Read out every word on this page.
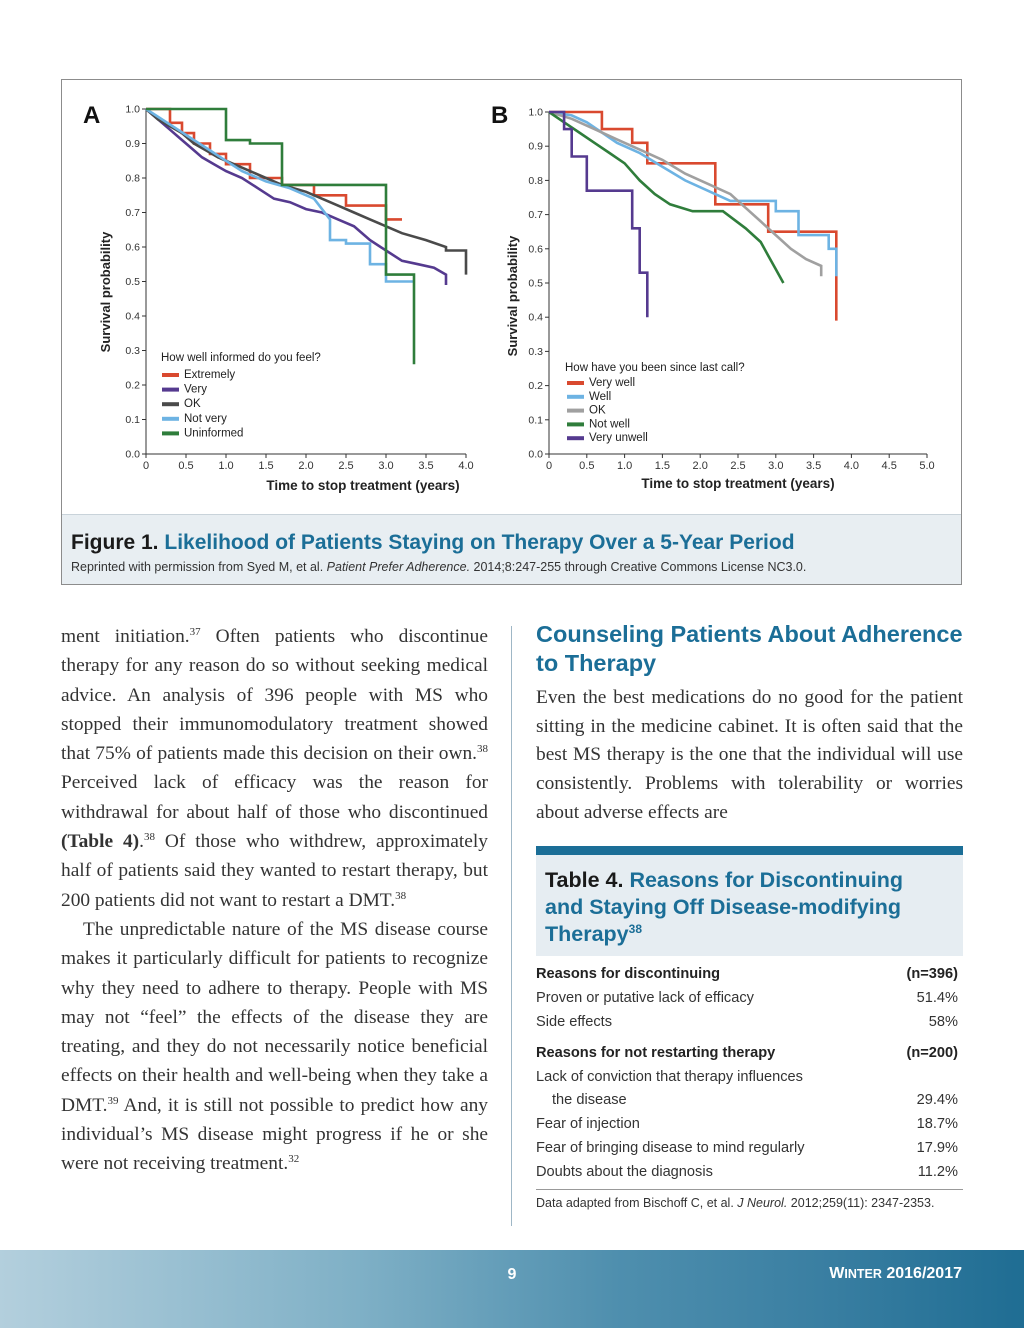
A
Survival probability
Time to stop treatment (years)
0.0
0.1
0.2
0.3
0.4
0.5
0.6
0.7
0.8
0.9
1.0
0	0.5 1.0 1.5 2.0 2.5 3.0 3.5 4.0
How well informed do you feel?
Extremely
Very
OK
Not very
Uninformed
B
Survival probability
Time to stop treatment (years)
0.0
0.1
0.2
0.3
0.4
0.5
0.6
0.7
0.8
0.9
1.0
0 0.5 1.0 1.5 2.0 2.5 3.0 3.5 4.0 4.5 5.0
How have you been since last call?
Very well
Well
OK
Not well
Very unwell
Figure 1. Likelihood of Patients Staying on Therapy Over a 5-Year Period
Reprinted with permission from Syed M, et al. Patient Prefer Adherence. 2014;8:247-255 through Creative Commons License NC3.0.

ment initiation.$^{37}$ Often patients who discontinue therapy for any reason do so without seeking medical advice. An analysis of 396 people with MS who stopped their immunomodulatory treatment showed that 75% of patients made this decision on their own.$^{38}$ Perceived lack of efficacy was the reason for withdrawal for about half of those who discontinued (Table 4).$^{38}$ Of those who withdrew, approximately half of patients said they wanted to restart therapy, but 200 patients did not want to restart a DMT.$^{38}$

The unpredictable nature of the MS disease course makes it particularly difficult for patients to recognize why they need to adhere to therapy. People with MS may not “feel” the effects of the disease they are treating, and they do not necessarily notice beneficial effects on their health and well-being when they take a DMT.$^{39}$ And, it is still not possible to predict how any individual’s MS disease might progress if he or she were not receiving treatment.$^{32}$

Counseling Patients About Adherence to Therapy

Even the best medications do no good for the patient sitting in the medicine cabinet. It is often said that the best MS therapy is the one that the individual will use consistently. Problems with tolerability or worries about adverse effects are

Table 4. Reasons for Discontinuing and Staying Off Disease-modifying Therapy$^{38}$
Reasons for discontinuing	(n=396)
Proven or putative lack of efficacy	51.4%
Side effects	58%
Reasons for not restarting therapy	(n=200)
Lack of conviction that therapy influences
the disease	29.4%
Fear of injection	18.7%
Fear of bringing disease to mind regularly	17.9%
Doubts about the diagnosis	11.2%
Data adapted from Bischoff C, et al. J Neurol. 2012;259(11): 2347-2353.
9	WINTER 2016/2017
